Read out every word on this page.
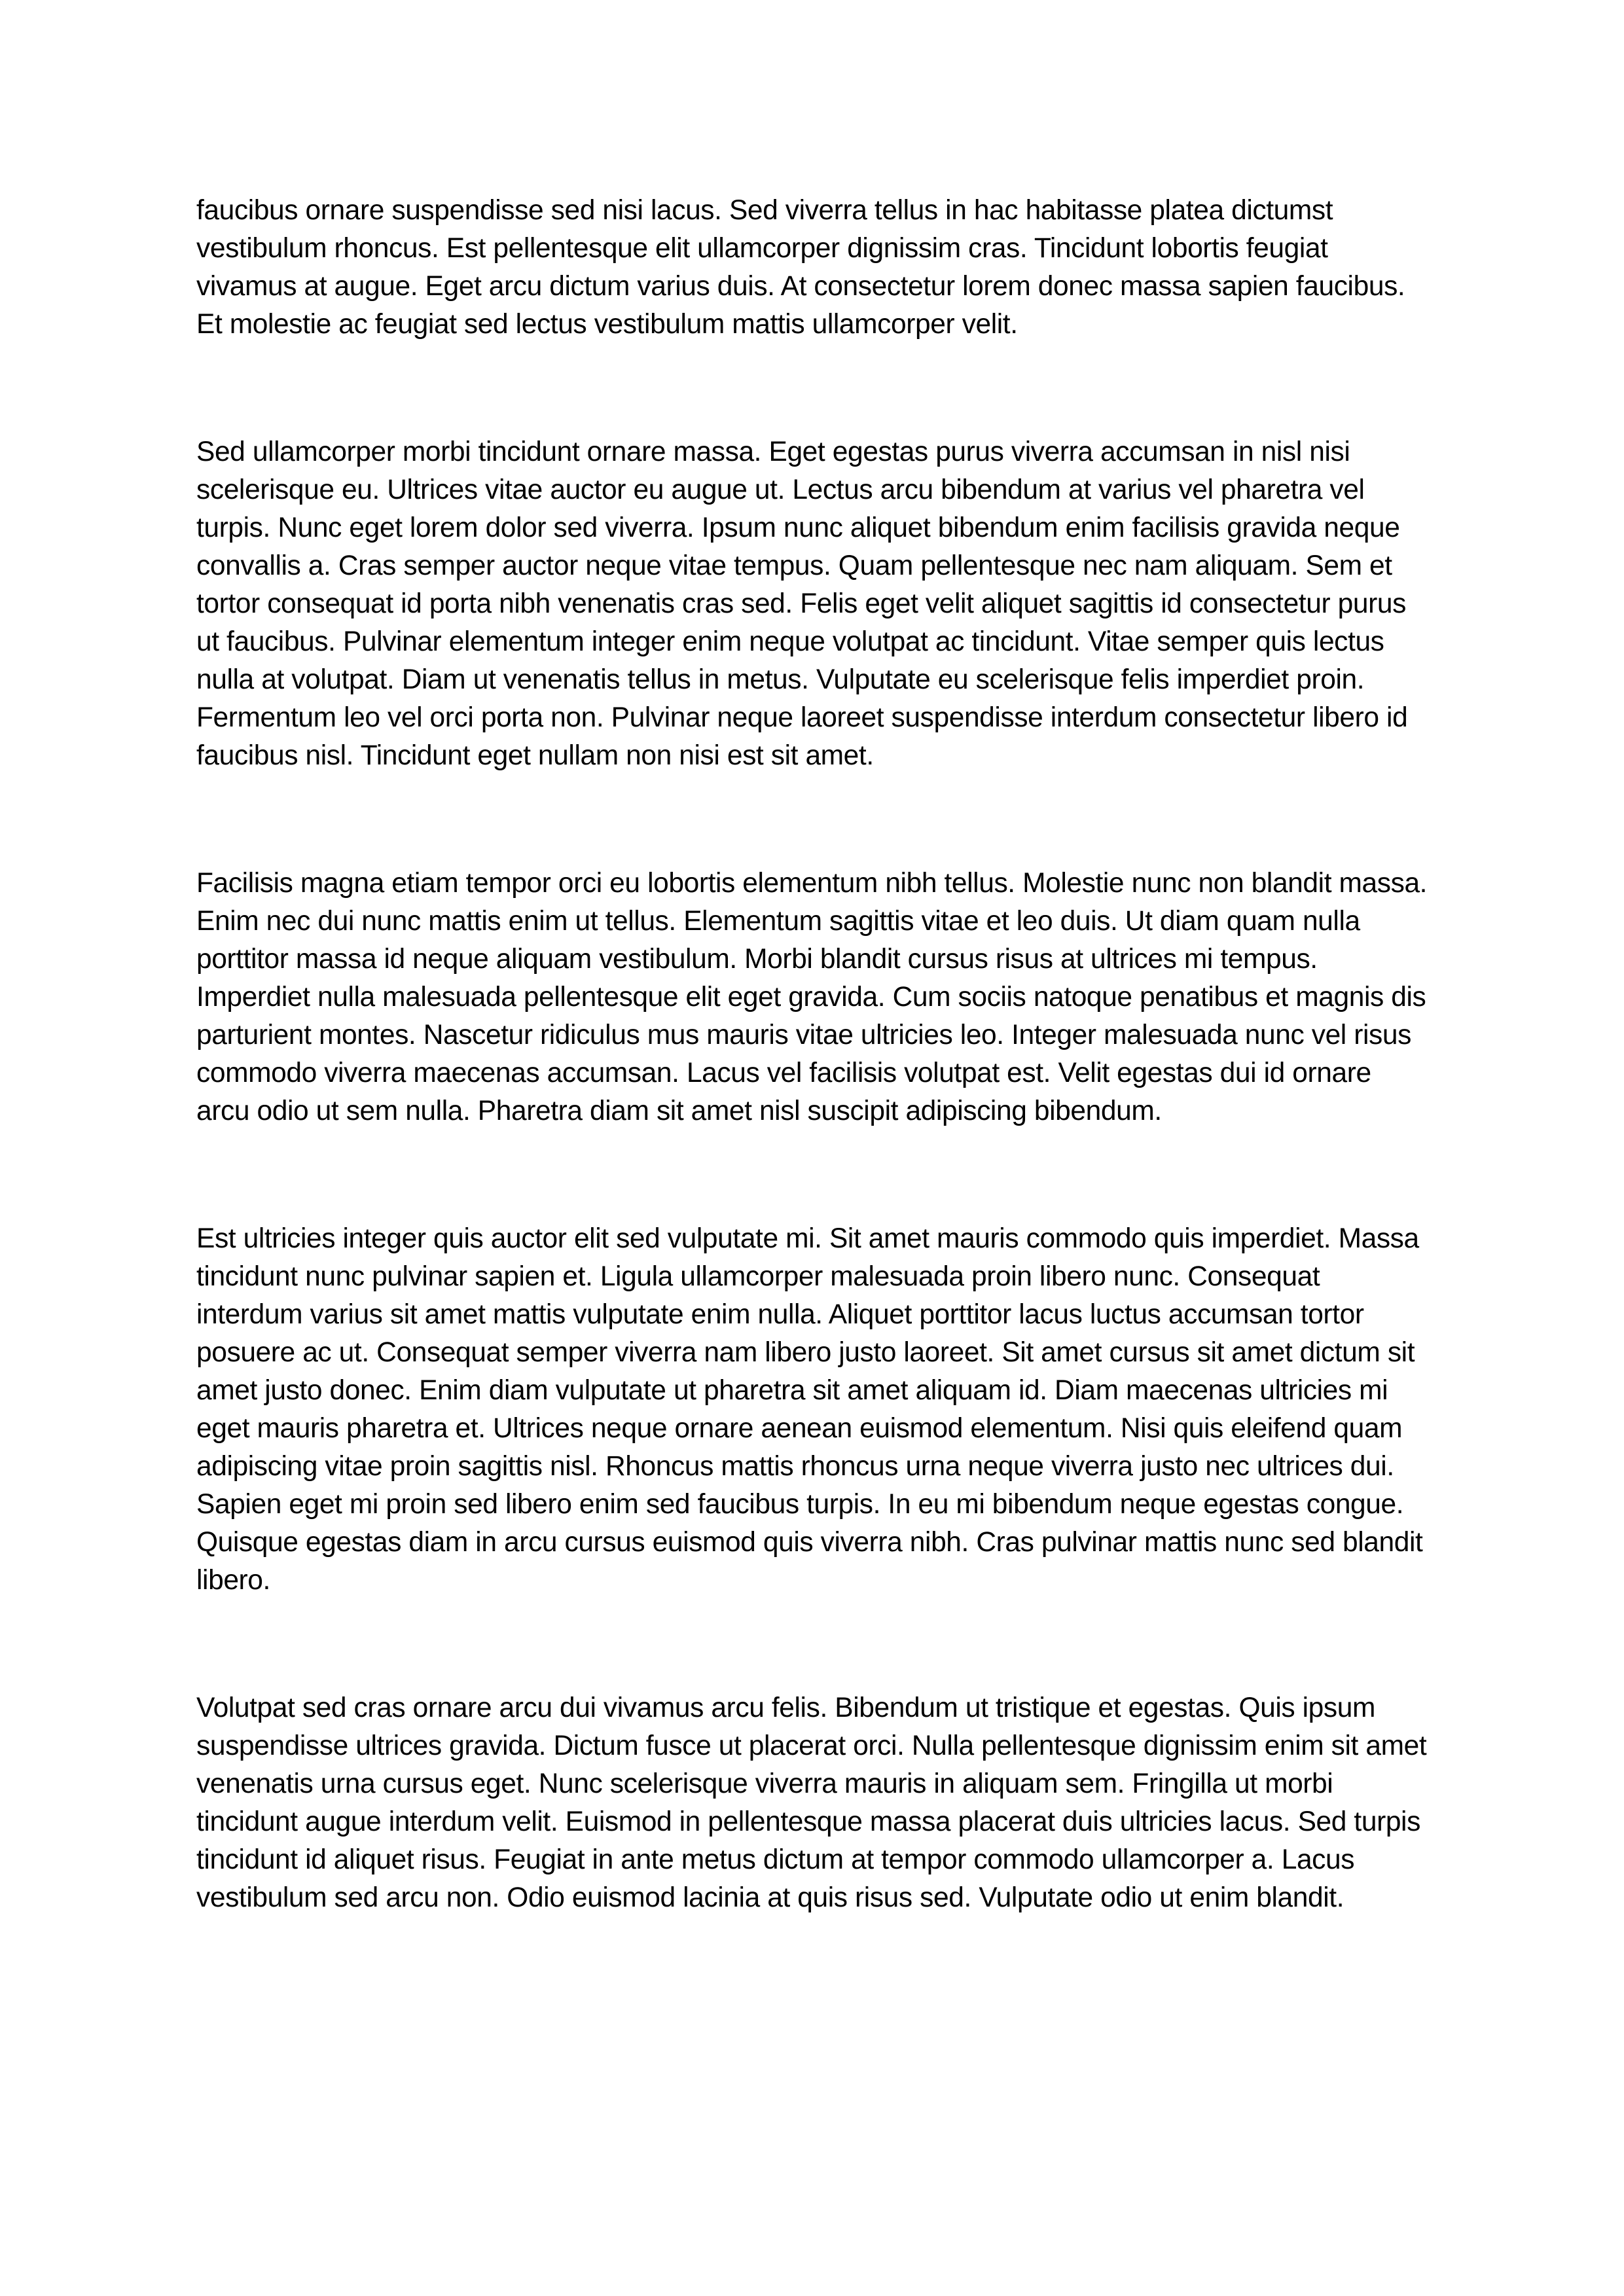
faucibus ornare suspendisse sed nisi lacus. Sed viverra tellus in hac habitasse platea dictumst vestibulum rhoncus. Est pellentesque elit ullamcorper dignissim cras. Tincidunt lobortis feugiat vivamus at augue. Eget arcu dictum varius duis. At consectetur lorem donec massa sapien faucibus. Et molestie ac feugiat sed lectus vestibulum mattis ullamcorper velit.

Sed ullamcorper morbi tincidunt ornare massa. Eget egestas purus viverra accumsan in nisl nisi scelerisque eu. Ultrices vitae auctor eu augue ut. Lectus arcu bibendum at varius vel pharetra vel turpis. Nunc eget lorem dolor sed viverra. Ipsum nunc aliquet bibendum enim facilisis gravida neque convallis a. Cras semper auctor neque vitae tempus. Quam pellentesque nec nam aliquam. Sem et tortor consequat id porta nibh venenatis cras sed. Felis eget velit aliquet sagittis id consectetur purus ut faucibus. Pulvinar elementum integer enim neque volutpat ac tincidunt. Vitae semper quis lectus nulla at volutpat. Diam ut venenatis tellus in metus. Vulputate eu scelerisque felis imperdiet proin. Fermentum leo vel orci porta non. Pulvinar neque laoreet suspendisse interdum consectetur libero id faucibus nisl. Tincidunt eget nullam non nisi est sit amet.

Facilisis magna etiam tempor orci eu lobortis elementum nibh tellus. Molestie nunc non blandit massa. Enim nec dui nunc mattis enim ut tellus. Elementum sagittis vitae et leo duis. Ut diam quam nulla porttitor massa id neque aliquam vestibulum. Morbi blandit cursus risus at ultrices mi tempus. Imperdiet nulla malesuada pellentesque elit eget gravida. Cum sociis natoque penatibus et magnis dis parturient montes. Nascetur ridiculus mus mauris vitae ultricies leo. Integer malesuada nunc vel risus commodo viverra maecenas accumsan. Lacus vel facilisis volutpat est. Velit egestas dui id ornare arcu odio ut sem nulla. Pharetra diam sit amet nisl suscipit adipiscing bibendum.

Est ultricies integer quis auctor elit sed vulputate mi. Sit amet mauris commodo quis imperdiet. Massa tincidunt nunc pulvinar sapien et. Ligula ullamcorper malesuada proin libero nunc. Consequat interdum varius sit amet mattis vulputate enim nulla. Aliquet porttitor lacus luctus accumsan tortor posuere ac ut. Consequat semper viverra nam libero justo laoreet. Sit amet cursus sit amet dictum sit amet justo donec. Enim diam vulputate ut pharetra sit amet aliquam id. Diam maecenas ultricies mi eget mauris pharetra et. Ultrices neque ornare aenean euismod elementum. Nisi quis eleifend quam adipiscing vitae proin sagittis nisl. Rhoncus mattis rhoncus urna neque viverra justo nec ultrices dui. Sapien eget mi proin sed libero enim sed faucibus turpis. In eu mi bibendum neque egestas congue. Quisque egestas diam in arcu cursus euismod quis viverra nibh. Cras pulvinar mattis nunc sed blandit libero.

Volutpat sed cras ornare arcu dui vivamus arcu felis. Bibendum ut tristique et egestas. Quis ipsum suspendisse ultrices gravida. Dictum fusce ut placerat orci. Nulla pellentesque dignissim enim sit amet venenatis urna cursus eget. Nunc scelerisque viverra mauris in aliquam sem. Fringilla ut morbi tincidunt augue interdum velit. Euismod in pellentesque massa placerat duis ultricies lacus. Sed turpis tincidunt id aliquet risus. Feugiat in ante metus dictum at tempor commodo ullamcorper a. Lacus vestibulum sed arcu non. Odio euismod lacinia at quis risus sed. Vulputate odio ut enim blandit.
